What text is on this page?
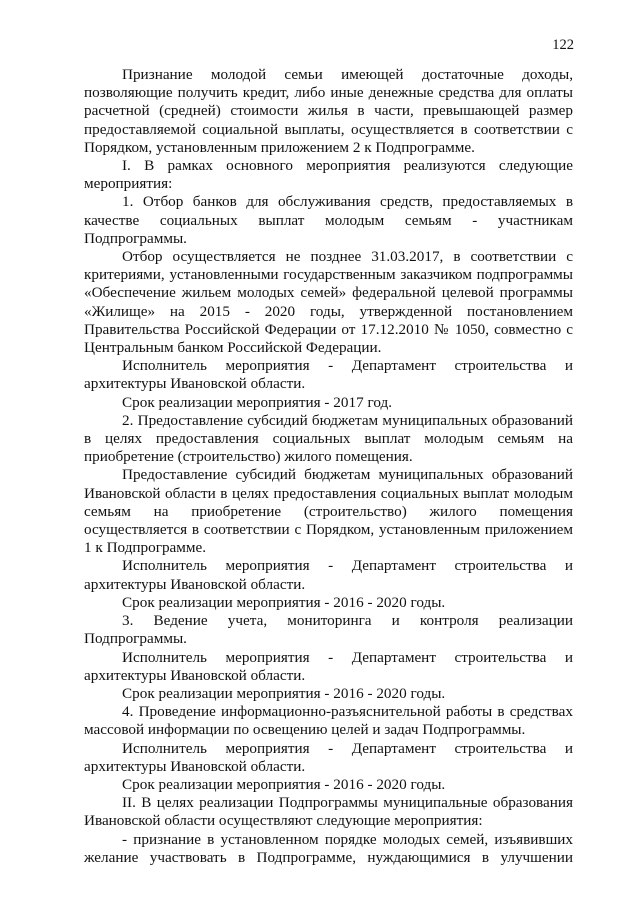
122

Признание молодой семьи имеющей достаточные доходы, позволяющие получить кредит, либо иные денежные средства для оплаты расчетной (средней) стоимости жилья в части, превышающей размер предоставляемой социальной выплаты, осуществляется в соответствии с Порядком, установленным приложением 2 к Подпрограмме.

I. В рамках основного мероприятия реализуются следующие мероприятия:

1. Отбор банков для обслуживания средств, предоставляемых в качестве социальных выплат молодым семьям - участникам Подпрограммы.

Отбор осуществляется не позднее 31.03.2017, в соответствии с критериями, установленными государственным заказчиком подпрограммы «Обеспечение жильем молодых семей» федеральной целевой программы «Жилище» на 2015 - 2020 годы, утвержденной постановлением Правительства Российской Федерации от 17.12.2010 № 1050, совместно с Центральным банком Российской Федерации.

Исполнитель мероприятия - Департамент строительства и архитектуры Ивановской области.

Срок реализации мероприятия - 2017 год.

2. Предоставление субсидий бюджетам муниципальных образований в целях предоставления социальных выплат молодым семьям на приобретение (строительство) жилого помещения.

Предоставление субсидий бюджетам муниципальных образований Ивановской области в целях предоставления социальных выплат молодым семьям на приобретение (строительство) жилого помещения осуществляется в соответствии с Порядком, установленным приложением 1 к Подпрограмме.

Исполнитель мероприятия - Департамент строительства и архитектуры Ивановской области.

Срок реализации мероприятия - 2016 - 2020 годы.

3. Ведение учета, мониторинга и контроля реализации Подпрограммы.

Исполнитель мероприятия - Департамент строительства и архитектуры Ивановской области.

Срок реализации мероприятия - 2016 - 2020 годы.

4. Проведение информационно-разъяснительной работы в средствах массовой информации по освещению целей и задач Подпрограммы.

Исполнитель мероприятия - Департамент строительства и архитектуры Ивановской области.

Срок реализации мероприятия - 2016 - 2020 годы.

II. В целях реализации Подпрограммы муниципальные образования Ивановской области осуществляют следующие мероприятия:

- признание в установленном порядке молодых семей, изъявивших желание участвовать в Подпрограмме, нуждающимися в улучшении
